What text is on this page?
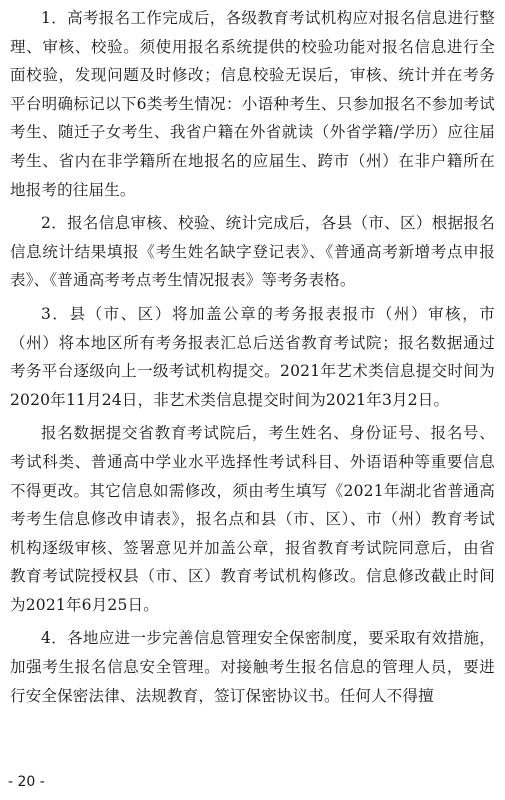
1．高考报名工作完成后，各级教育考试机构应对报名信息进行整理、审核、校验。须使用报名系统提供的校验功能对报名信息进行全面校验，发现问题及时修改；信息校验无误后，审核、统计并在考务平台明确标记以下6类考生情况：小语种考生、只参加报名不参加考试考生、随迁子女考生、我省户籍在外省就读（外省学籍/学历）应往届考生、省内在非学籍所在地报名的应届生、跨市（州）在非户籍所在地报考的往届生。

2．报名信息审核、校验、统计完成后，各县（市、区）根据报名信息统计结果填报《考生姓名缺字登记表》、《普通高考新增考点申报表》、《普通高考考点考生情况报表》等考务表格。

3．县（市、区）将加盖公章的考务报表报市（州）审核，市（州）将本地区所有考务报表汇总后送省教育考试院；报名数据通过考务平台逐级向上一级考试机构提交。2021年艺术类信息提交时间为2020年11月24日，非艺术类信息提交时间为2021年3月2日。

报名数据提交省教育考试院后，考生姓名、身份证号、报名号、考试科类、普通高中学业水平选择性考试科目、外语语种等重要信息不得更改。其它信息如需修改，须由考生填写《2021年湖北省普通高考考生信息修改申请表》，报名点和县（市、区）、市（州）教育考试机构逐级审核、签署意见并加盖公章，报省教育考试院同意后，由省教育考试院授权县（市、区）教育考试机构修改。信息修改截止时间为2021年6月25日。

4．各地应进一步完善信息管理安全保密制度，要采取有效措施，加强考生报名信息安全管理。对接触考生报名信息的管理人员，要进行安全保密法律、法规教育，签订保密协议书。任何人不得擅

- 20 -
